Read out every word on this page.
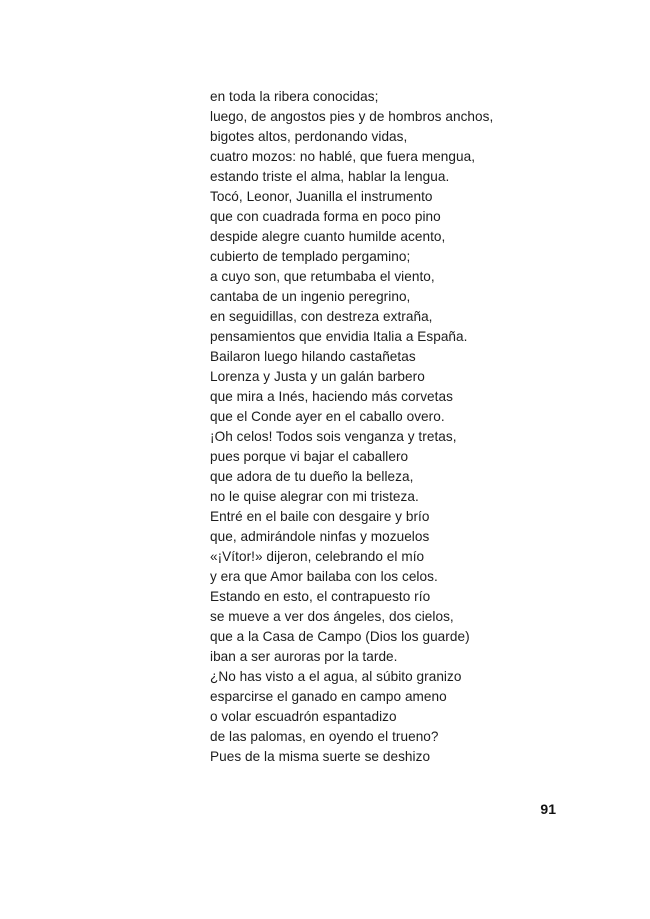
en toda la ribera conocidas;
luego, de angostos pies y de hombros anchos,
bigotes altos, perdonando vidas,
cuatro mozos: no hablé, que fuera mengua,
estando triste el alma, hablar la lengua.
Tocó, Leonor, Juanilla el instrumento
que con cuadrada forma en poco pino
despide alegre cuanto humilde acento,
cubierto de templado pergamino;
a cuyo son, que retumbaba el viento,
cantaba de un ingenio peregrino,
en seguidillas, con destreza extraña,
pensamientos que envidia Italia a España.
Bailaron luego hilando castañetas
Lorenza y Justa y un galán barbero
que mira a Inés, haciendo más corvetas
que el Conde ayer en el caballo overo.
¡Oh celos! Todos sois venganza y tretas,
pues porque vi bajar el caballero
que adora de tu dueño la belleza,
no le quise alegrar con mi tristeza.
Entré en el baile con desgaire y brío
que, admirándole ninfas y mozuelos
«¡Vítor!» dijeron, celebrando el mío
y era que Amor bailaba con los celos.
Estando en esto, el contrapuesto río
se mueve a ver dos ángeles, dos cielos,
que a la Casa de Campo (Dios los guarde)
iban a ser auroras por la tarde.
¿No has visto a el agua, al súbito granizo
esparcirse el ganado en campo ameno
o volar escuadrón espantadizo
de las palomas, en oyendo el trueno?
Pues de la misma suerte se deshizo
91
